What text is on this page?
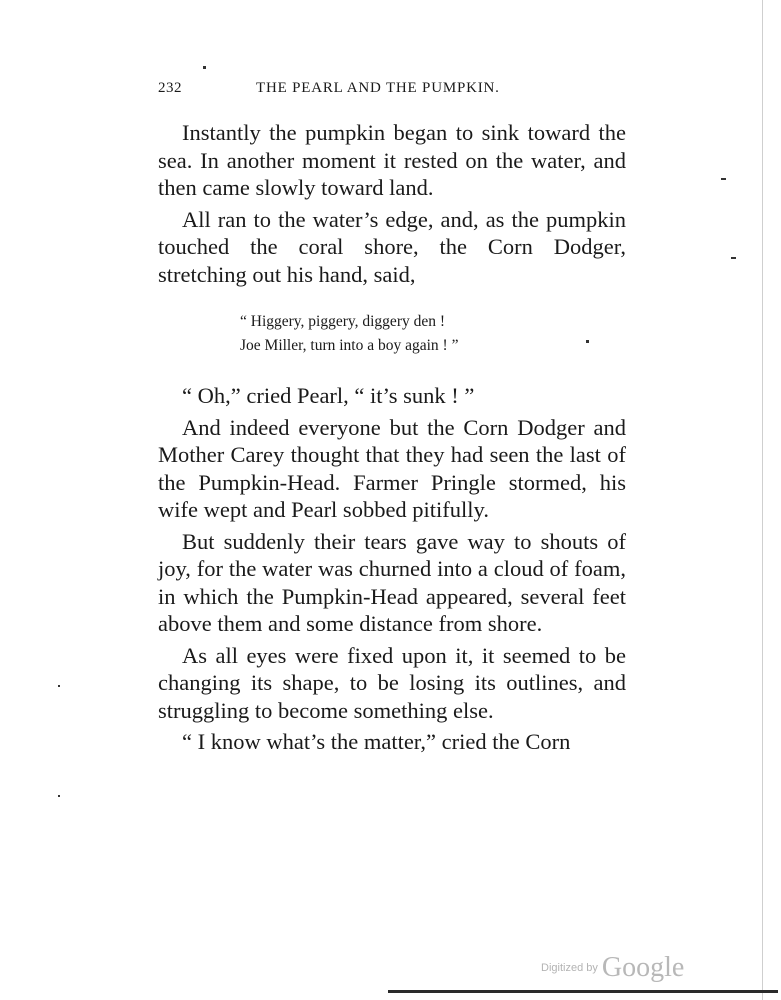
232	THE PEARL AND THE PUMPKIN.

Instantly the pumpkin began to sink toward the sea. In another moment it rested on the water, and then came slowly toward land.

All ran to the water’s edge, and, as the pumpkin touched the coral shore, the Corn Dodger, stretching out his hand, said,

“ Higgery, piggery, diggery den !
Joe Miller, turn into a boy again ! ”

“ Oh,” cried Pearl, “ it’s sunk ! ”

And indeed everyone but the Corn Dodger and Mother Carey thought that they had seen the last of the Pumpkin-Head. Farmer Pringle stormed, his wife wept and Pearl sobbed pitifully.

But suddenly their tears gave way to shouts of joy, for the water was churned into a cloud of foam, in which the Pumpkin-Head appeared, several feet above them and some distance from shore.

As all eyes were fixed upon it, it seemed to be changing its shape, to be losing its outlines, and struggling to become something else.

“ I know what’s the matter,” cried the Corn

Digitized by Google
